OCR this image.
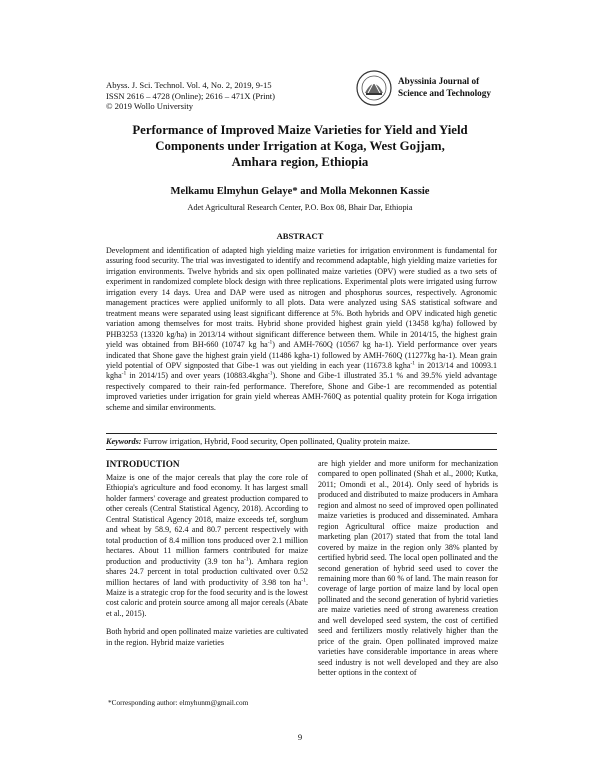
Abyss. J. Sci. Technol. Vol. 4, No. 2, 2019, 9-15
ISSN 2616 – 4728 (Online); 2616 – 471X (Print)
© 2019 Wollo University
Abyssinia Journal of
Science and Technology
Performance of Improved Maize Varieties for Yield and Yield
Components under Irrigation at Koga, West Gojjam,
Amhara region, Ethiopia
Melkamu Elmyhun Gelaye* and Molla Mekonnen Kassie
Adet Agricultural Research Center, P.O. Box 08, Bhair Dar, Ethiopia
ABSTRACT
Development and identification of adapted high yielding maize varieties for irrigation environment is fundamental for assuring food security. The trial was investigated to identify and recommend adaptable, high yielding maize varieties for irrigation environments. Twelve hybrids and six open pollinated maize varieties (OPV) were studied as a two sets of experiment in randomized complete block design with three replications. Experimental plots were irrigated using furrow irrigation every 14 days. Urea and DAP were used as nitrogen and phosphorus sources, respectively. Agronomic management practices were applied uniformly to all plots. Data were analyzed using SAS statistical software and treatment means were separated using least significant difference at 5%. Both hybrids and OPV indicated high genetic variation among themselves for most traits. Hybrid shone provided highest grain yield (13458 kg/ha) followed by PHB3253 (13320 kg/ha) in 2013/14 without significant difference between them. While in 2014/15, the highest grain yield was obtained from BH-660 (10747 kg $ha^{-1}$) and AMH-760Q (10567 kg ha-1). Yield performance over years indicated that Shone gave the highest grain yield (11486 kgha-1) followed by AMH-760Q (11277kg ha-1). Mean grain yield potential of OPV signposted that Gibe-1 was out yielding in each year (11673.8 kgha$^{-1}$ in 2013/14 and 10093.1 kgha$^{-1}$ in 2014/15) and over years (10883.4kgha$^{-1}$). Shone and Gibe-1 illustrated 35.1 % and 39.5% yield advantage respectively compared to their rain-fed performance. Therefore, Shone and Gibe-1 are recommended as potential improved varieties under irrigation for grain yield whereas AMH-760Q as potential quality protein for Koga irrigation scheme and similar environments.
Keywords: Furrow irrigation, Hybrid, Food security, Open pollinated, Quality protein maize.
INTRODUCTION

Maize is one of the major cereals that play the core role of Ethiopia's agriculture and food economy. It has largest small holder farmers' coverage and greatest production compared to other cereals (Central Statistical Agency, 2018). According to Central Statistical Agency 2018, maize exceeds tef, sorghum and wheat by 58.9, 62.4 and 80.7 percent respectively with total production of 8.4 million tons produced over 2.1 million hectares. About 11 million farmers contributed for maize production and productivity (3.9 ton $ha^{-1}$). Amhara region shares 24.7 percent in total production cultivated over 0.52 million hectares of land with productivity of 3.98 ton $ha^{-1}$. Maize is a strategic crop for the food security and is the lowest cost caloric and protein source among all major cereals (Abate et al., 2015).

Both hybrid and open pollinated maize varieties are cultivated in the region. Hybrid maize varieties

are high yielder and more uniform for mechanization compared to open pollinated (Shah et al., 2000; Kutka, 2011; Omondi et al., 2014). Only seed of hybrids is produced and distributed to maize producers in Amhara region and almost no seed of improved open pollinated maize varieties is produced and disseminated. Amhara region Agricultural office maize production and marketing plan (2017) stated that from the total land covered by maize in the region only 38% planted by certified hybrid seed. The local open pollinated and the second generation of hybrid seed used to cover the remaining more than 60 % of land. The main reason for coverage of large portion of maize land by local open pollinated and the second generation of hybrid varieties are maize varieties need of strong awareness creation and well developed seed system, the cost of certified seed and fertilizers mostly relatively higher than the price of the grain. Open pollinated improved maize varieties have considerable importance in areas where seed industry is not well developed and they are also better options in the context of

*Corresponding author: elmyhunm@gmail.com
9
